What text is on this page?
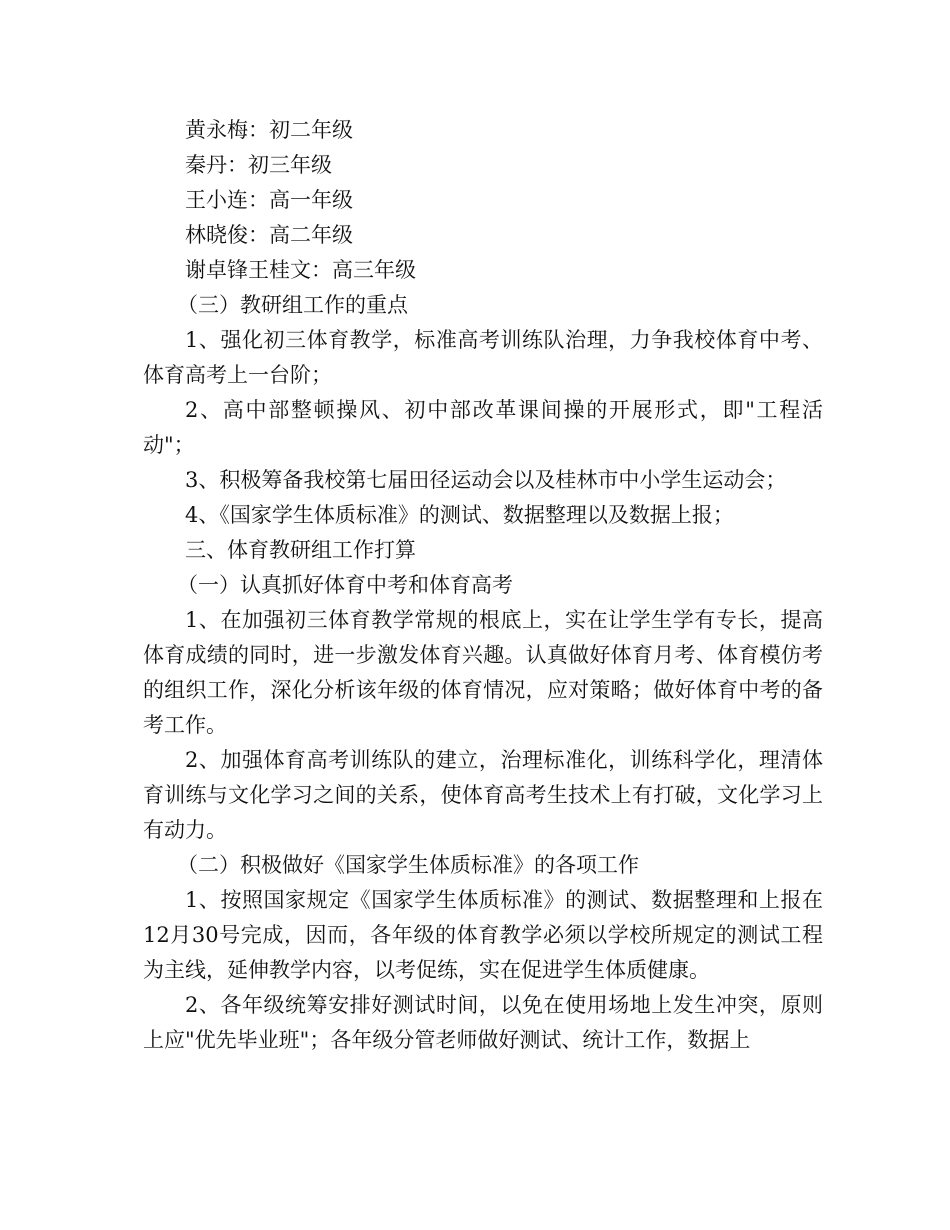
黄永梅：初二年级

秦丹：初三年级

王小连：高一年级

林晓俊：高二年级

谢卓锋王桂文：高三年级

（三）教研组工作的重点

1、强化初三体育教学，标准高考训练队治理，力争我校体育中考、体育高考上一台阶；

2、高中部整顿操风、初中部改革课间操的开展形式，即"工程活动"；

3、积极筹备我校第七届田径运动会以及桂林市中小学生运动会；

4、《国家学生体质标准》的测试、数据整理以及数据上报；

三、体育教研组工作打算

（一）认真抓好体育中考和体育高考

1、在加强初三体育教学常规的根底上，实在让学生学有专长，提高体育成绩的同时，进一步激发体育兴趣。认真做好体育月考、体育模仿考的组织工作，深化分析该年级的体育情况，应对策略；做好体育中考的备考工作。

2、加强体育高考训练队的建立，治理标准化，训练科学化，理清体育训练与文化学习之间的关系，使体育高考生技术上有打破，文化学习上有动力。

（二）积极做好《国家学生体质标准》的各项工作

1、按照国家规定《国家学生体质标准》的测试、数据整理和上报在12月30号完成，因而，各年级的体育教学必须以学校所规定的测试工程为主线，延伸教学内容，以考促练，实在促进学生体质健康。

2、各年级统筹安排好测试时间，以免在使用场地上发生冲突，原则上应"优先毕业班"；各年级分管老师做好测试、统计工作，数据上
